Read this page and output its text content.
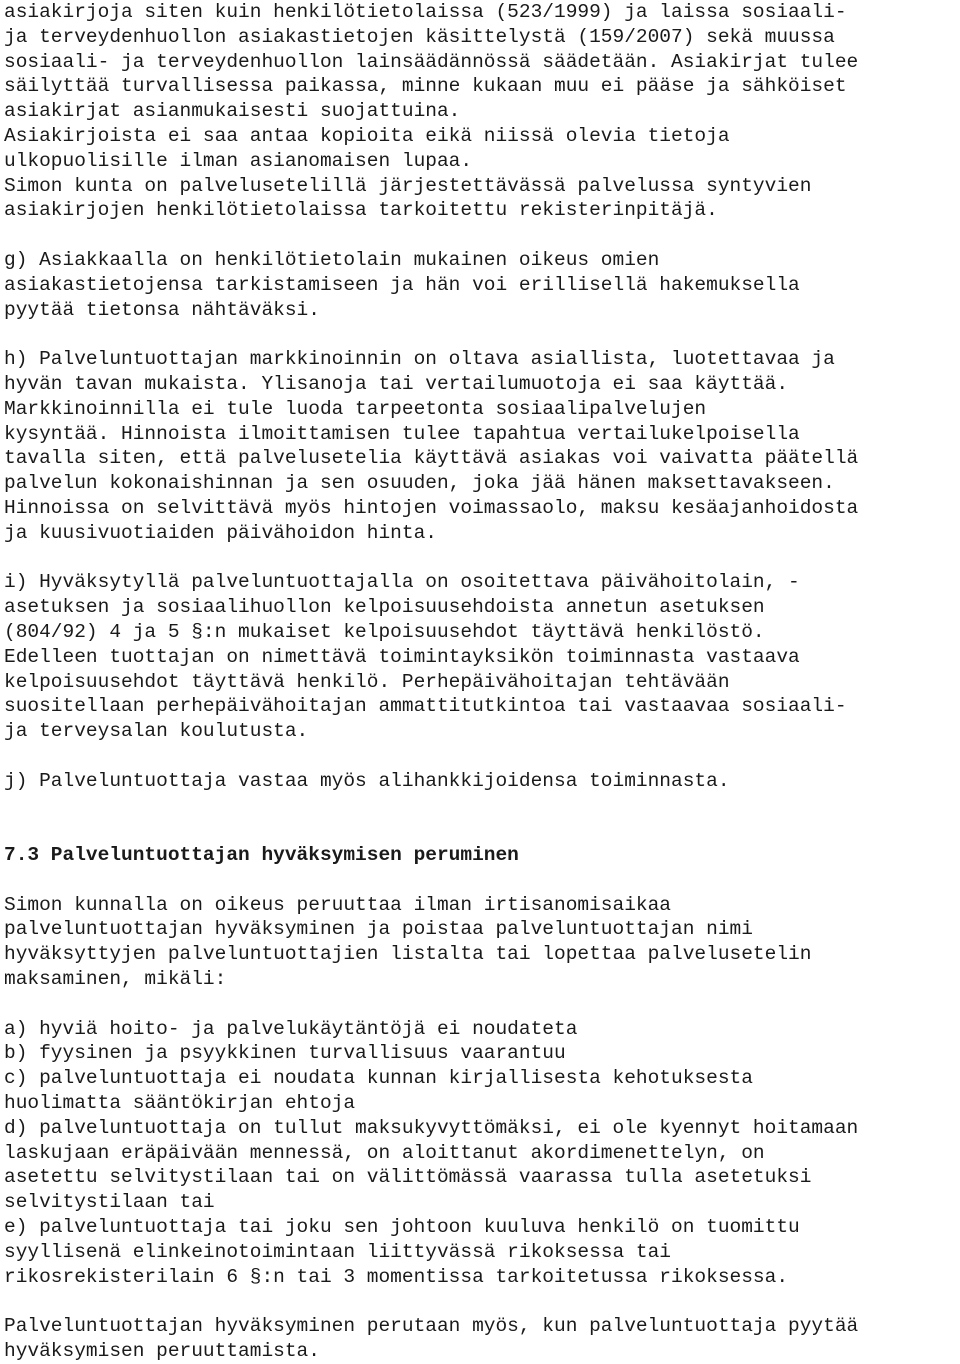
asiakirjoja siten kuin henkilötietolaissa (523/1999) ja laissa sosiaali-
ja terveydenhuollon asiakastietojen käsittelystä (159/2007) sekä muussa
sosiaali- ja terveydenhuollon lainsäädännössä säädetään. Asiakirjat tulee
säilyttää turvallisessa paikassa, minne kukaan muu ei pääse ja sähköiset
asiakirjat asianmukaisesti suojattuina.
Asiakirjoista ei saa antaa kopioita eikä niissä olevia tietoja
ulkopuolisille ilman asianomaisen lupaa.
Simon kunta on palvelusetelillä järjestettävässä palvelussa syntyvien
asiakirjojen henkilötietolaissa tarkoitettu rekisterinpitäjä.
g) Asiakkaalla on henkilötietolain mukainen oikeus omien
asiakastietojensa tarkistamiseen ja hän voi erillisellä hakemuksella
pyytää tietonsa nähtäväksi.
h) Palveluntuottajan markkinoinnin on oltava asiallista, luotettavaa ja
hyvän tavan mukaista. Ylisanoja tai vertailumuotoja ei saa käyttää.
Markkinoinnilla ei tule luoda tarpeetonta sosiaalipalvelujen
kysyntää. Hinnoista ilmoittamisen tulee tapahtua vertailukelpoisella
tavalla siten, että palvelusetelia käyttävä asiakas voi vaivatta päätellä
palvelun kokonaishinnan ja sen osuuden, joka jää hänen maksettavakseen.
Hinnoissa on selvittävä myös hintojen voimassaolo, maksu kesäajanhoidosta
ja kuusivuotiaiden päivähoidon hinta.
i) Hyväksytyllä palveluntuottajalla on osoitettava päivähoitolain, -
asetuksen ja sosiaalihuollon kelpoisuusehdoista annetun asetuksen
(804/92) 4 ja 5 §:n mukaiset kelpoisuusehdot täyttävä henkilöstö.
Edelleen tuottajan on nimettävä toimintayksikön toiminnasta vastaava
kelpoisuusehdot täyttävä henkilö. Perhepäivähoitajan tehtävään
suositellaan perhepäivähoitajan ammattitutkintoa tai vastaavaa sosiaali-
ja terveysalan koulutusta.
j) Palveluntuottaja vastaa myös alihankkijoidensa toiminnasta.
7.3 Palveluntuottajan hyväksymisen peruminen
Simon kunnalla on oikeus peruuttaa ilman irtisanomisaikaa
palveluntuottajan hyväksyminen ja poistaa palveluntuottajan nimi
hyväksyttyjen palveluntuottajien listalta tai lopettaa palvelusetelin
maksaminen, mikäli:
a) hyviä hoito- ja palvelukäytäntöjä ei noudateta
b) fyysinen ja psyykkinen turvallisuus vaarantuu
c) palveluntuottaja ei noudata kunnan kirjallisesta kehotuksesta
huolimatta sääntökirjan ehtoja
d) palveluntuottaja on tullut maksukyvyttömäksi, ei ole kyennyt hoitamaan
laskujaan eräpäivään mennessä, on aloittanut akordimenettelyn, on
asetettu selvitystilaan tai on välittömässä vaarassa tulla asetetuksi
selvitystilaan tai
e) palveluntuottaja tai joku sen johtoon kuuluva henkilö on tuomittu
syyllisenä elinkeinotoimintaan liittyvässä rikoksessa tai
rikosrekisterilain 6 §:n tai 3 momentissa tarkoitetussa rikoksessa.
Palveluntuottajan hyväksyminen perutaan myös, kun palveluntuottaja pyytää
hyväksymisen peruuttamista.
